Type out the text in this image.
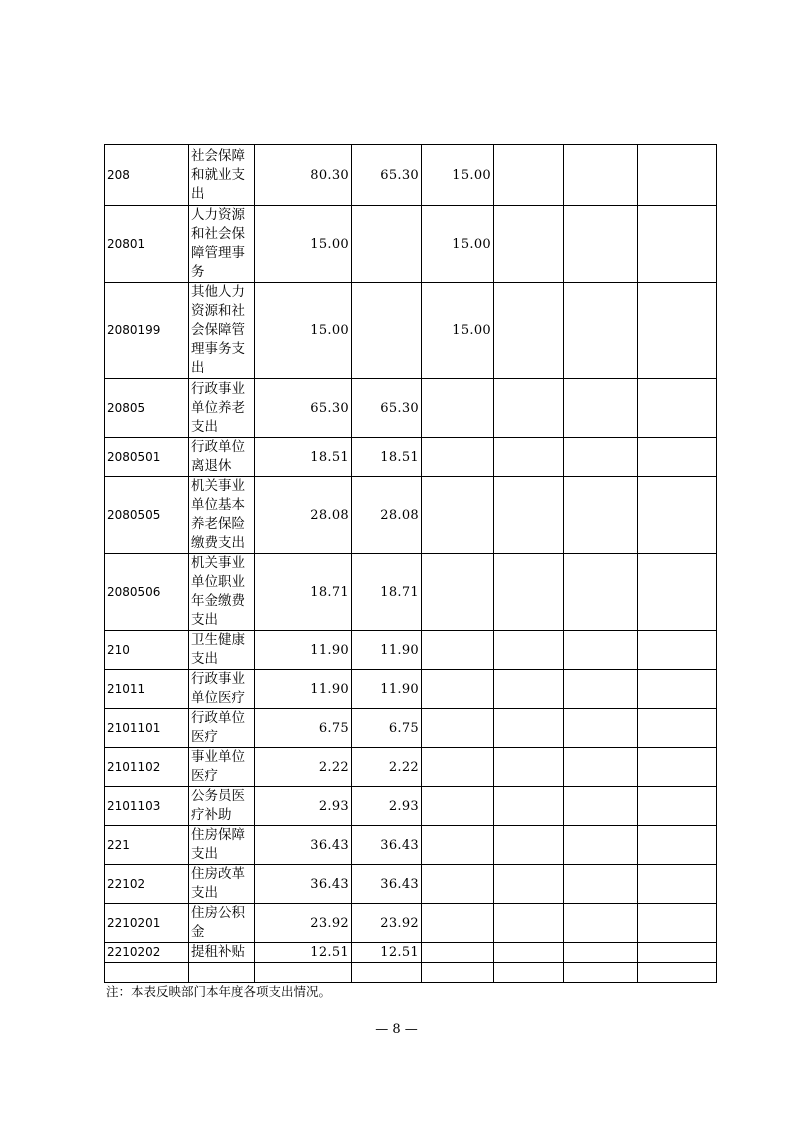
208	社会保障和就业支出	80.30	65.30	15.00			
20801	人力资源和社会保障管理事务	15.00		15.00			
2080199	其他人力资源和社会保障管理事务支出	15.00		15.00			
20805	行政事业单位养老支出	65.30	65.30				
2080501	行政单位离退休	18.51	18.51				
2080505	机关事业单位基本养老保险缴费支出	28.08	28.08				
2080506	机关事业单位职业年金缴费支出	18.71	18.71				
210	卫生健康支出	11.90	11.90				
21011	行政事业单位医疗	11.90	11.90				
2101101	行政单位医疗	6.75	6.75				
2101102	事业单位医疗	2.22	2.22				
2101103	公务员医疗补助	2.93	2.93				
221	住房保障支出	36.43	36.43				
22102	住房改革支出	36.43	36.43				
2210201	住房公积金	23.92	23.92				
2210202	提租补贴	12.51	12.51				

注：本表反映部门本年度各项支出情况。
— 8 —
